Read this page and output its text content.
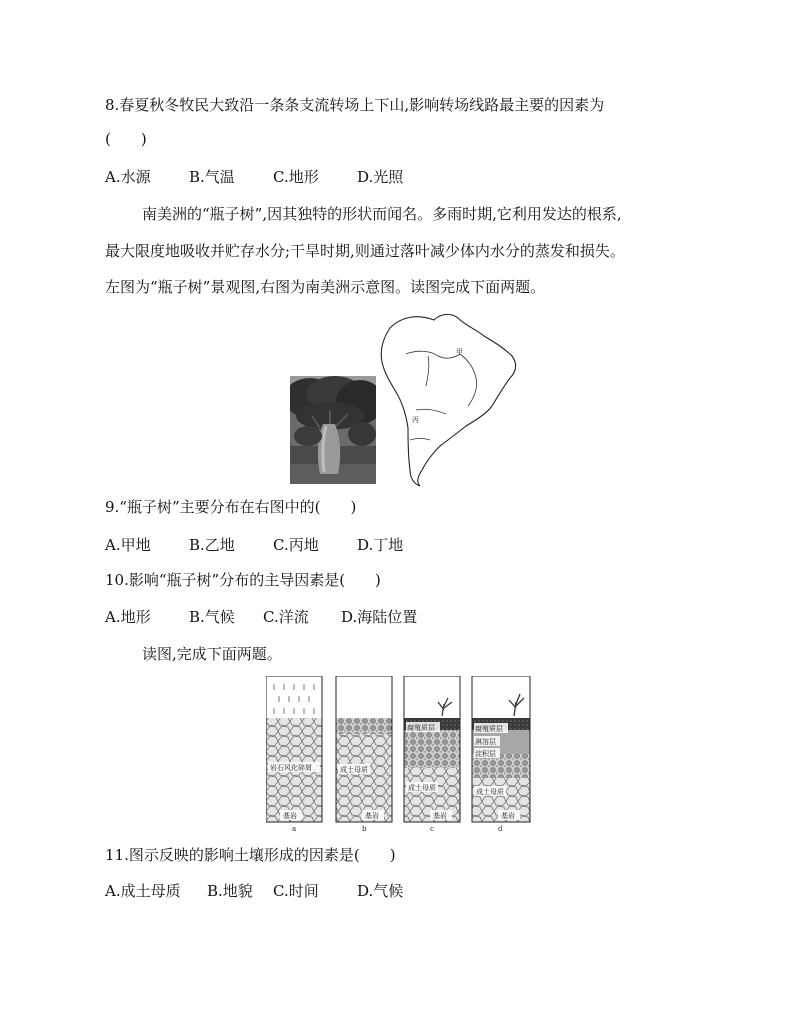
8.春夏秋冬牧民大致沿一条条支流转场上下山,影响转场线路最主要的因素为
(　　)
A.水源	B.气温	C.地形	D.光照
南美洲的“瓶子树”,因其独特的形状而闻名。多雨时期,它利用发达的根系,
最大限度地吸收并贮存水分;干旱时期,则通过落叶减少体内水分的蒸发和损失。
左图为“瓶子树”景观图,右图为南美洲示意图。读图完成下面两题。
甲
丙
9.“瓶子树”主要分布在右图中的(　　)
A.甲地	B.乙地	C.丙地	D.丁地
10.影响“瓶子树”分布的主导因素是(　　)
A.地形	B.气候 C.洋流 D.海陆位置
读图,完成下面两题。
岩石风化碎屑
基岩
a
成土母质
基岩
b
腐殖质层
成土母质
基岩
c
腐殖质层
淋溶层
淀积层
成土母质
基岩
d
11.图示反映的影响土壤形成的因素是(　　)
A.成土母质 B.地貌 C.时间	D.气候
